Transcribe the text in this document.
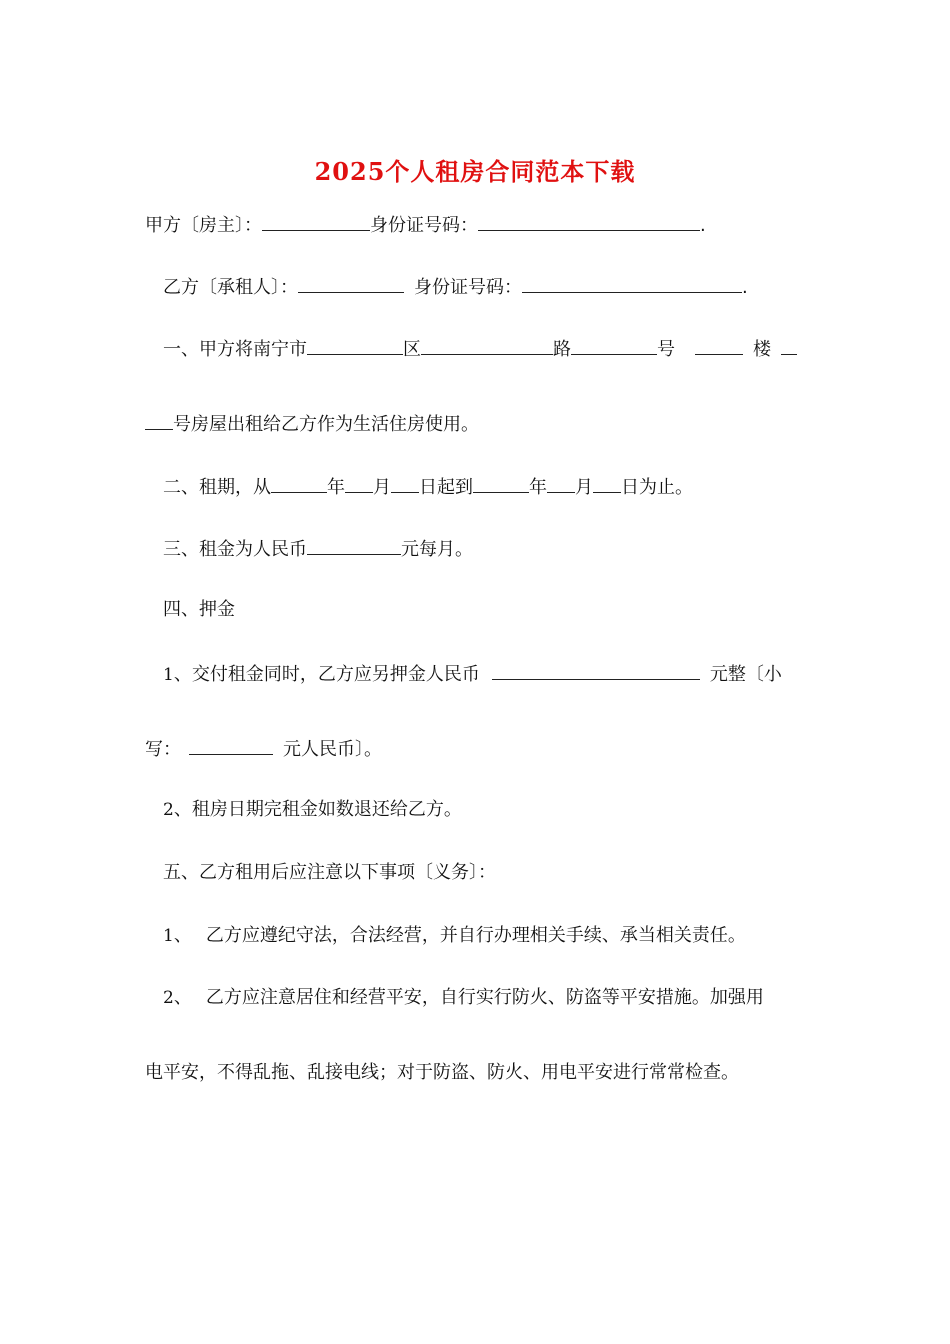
2025个人租房合同范本下载
甲方〔房主〕：	身份证号码：	.
乙方〔承租人〕：	身份证号码：	.
一、甲方将南宁市	区	路	号	楼
号房屋出租给乙方作为生活住房使用。
二、租期，从	年 月 日起到	年 月 日为止。
三、租金为人民币	元每月。
四、押金
1、交付租金同时，乙方应另押金人民币	元整〔小
写：	元人民币〕。
2、租房日期完租金如数退还给乙方。
五、乙方租用后应注意以下事项〔义务〕：
1、 乙方应遵纪守法，合法经营，并自行办理相关手续、承当相关责任。
2、 乙方应注意居住和经营平安，自行实行防火、防盗等平安措施。加强用
电平安，不得乱拖、乱接电线；对于防盗、防火、用电平安进行常常检查。
